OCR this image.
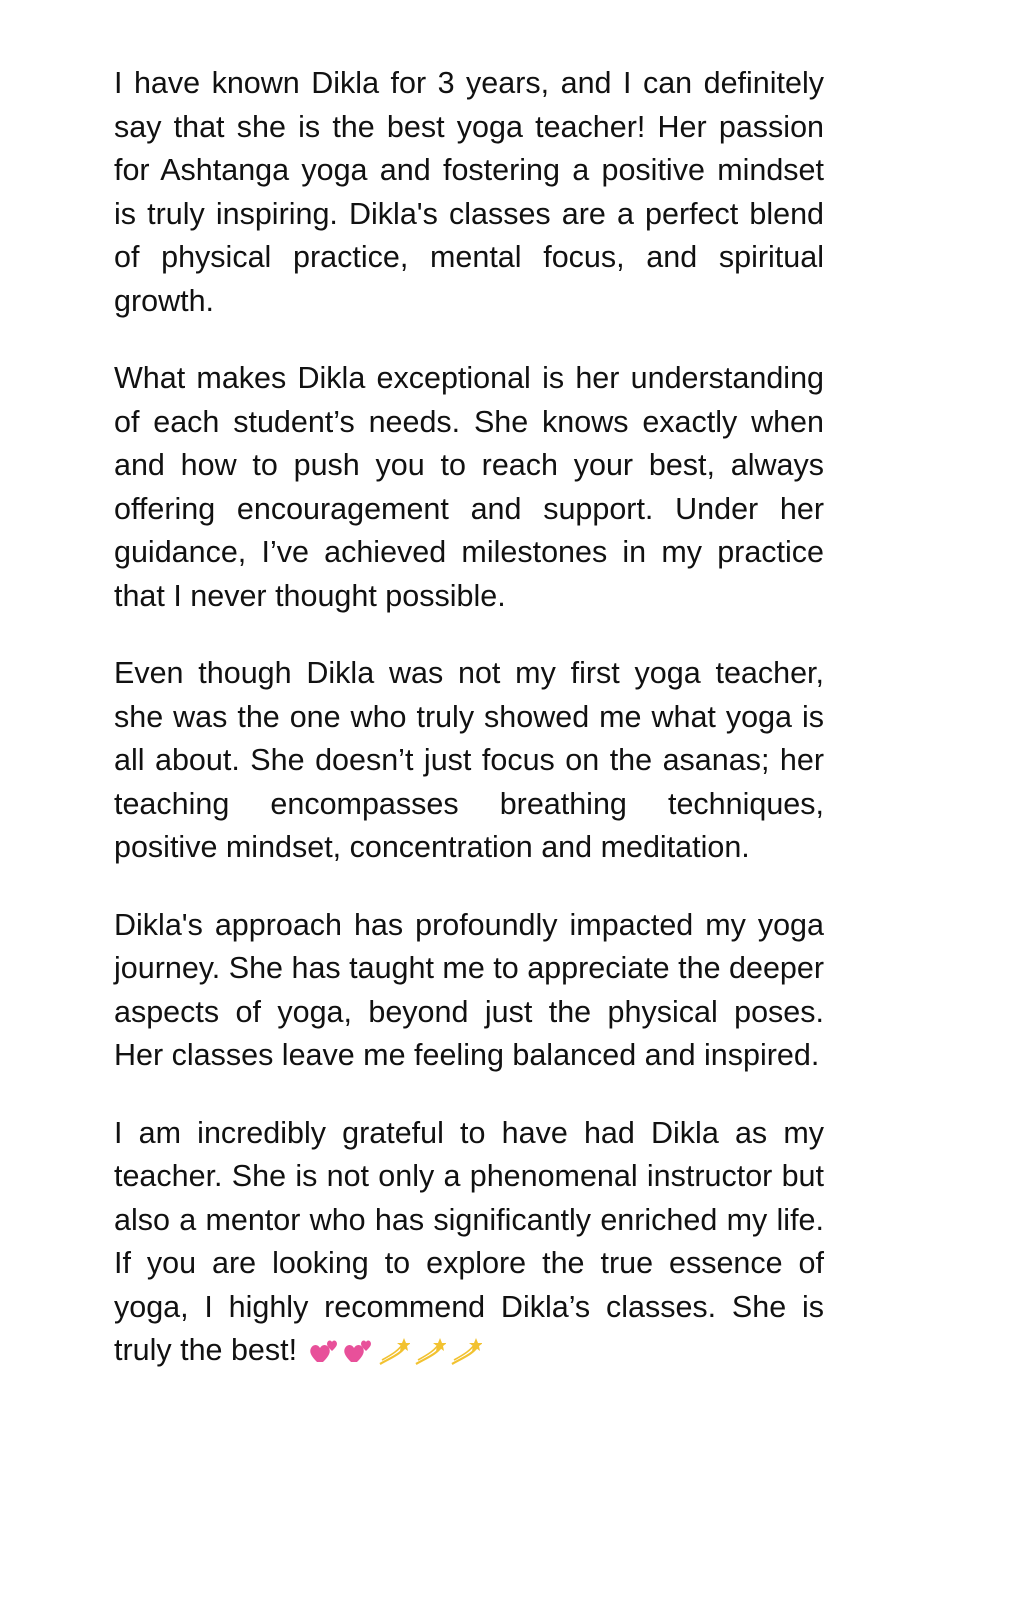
I have known Dikla for 3 years, and I can definitely say that she is the best yoga teacher! Her passion for Ashtanga yoga and fostering a positive mindset is truly inspiring. Dikla's classes are a perfect blend of physical practice, mental focus, and spiritual growth.

What makes Dikla exceptional is her understanding of each student’s needs. She knows exactly when and how to push you to reach your best, always offering encouragement and support. Under her guidance, I’ve achieved milestones in my practice that I never thought possible.

Even though Dikla was not my first yoga teacher, she was the one who truly showed me what yoga is all about. She doesn’t just focus on the asanas; her teaching encompasses breathing techniques, positive mindset, concentration and meditation.

Dikla's approach has profoundly impacted my yoga journey. She has taught me to appreciate the deeper aspects of yoga, beyond just the physical poses. Her classes leave me feeling balanced and inspired.

I am incredibly grateful to have had Dikla as my teacher. She is not only a phenomenal instructor but also a mentor who has significantly enriched my life. If you are looking to explore the true essence of yoga, I highly recommend Dikla’s classes. She is truly the best!
